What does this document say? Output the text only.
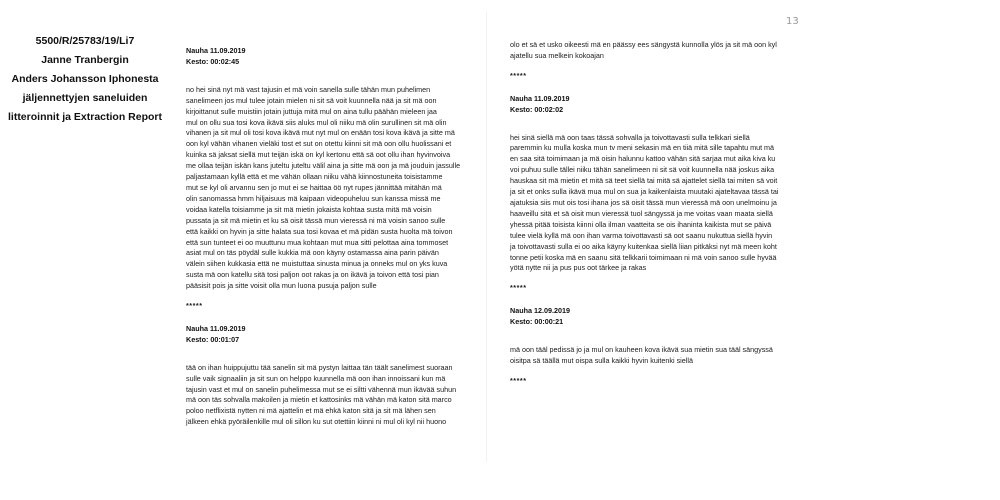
5500/R/25783/19/Li7
Janne Tranbergin
Anders Johansson Iphonesta
jäljennettyjen saneluiden
litteroinnit ja Extraction Report
13
Nauha 11.09.2019
Kesto: 00:02:45
no hei sinä nyt mä vast tajusin et mä voin sanella sulle tähän mun puhelimen
sanelimeen jos mul tulee jotain mielen ni sit sä voit kuunnella nää ja sit mä oon
kirjoittanut sulle muistiin jotain juttuja mitä mul on aina tullu päähän mieleen jaa
mul on ollu sua tosi kova ikävä siis aluks mul oli niiku mä olin surullinen sit mä olin
vihanen ja sit mul oli tosi kova ikävä mut nyt mul on enään tosi kova ikävä ja sitte mä
oon kyl vähän vihanen vieläki tost et sut on otettu kiinni sit mä oon ollu huolissani et
kuinka sä jaksat siellä mut teijän iskä on kyl kertonu että sä oot ollu ihan hyvinvoiva
me ollaa teijän iskän kans juteltu juteltu välil aina ja sitte mä oon ja mä jouduin jassulle
paljastamaan kyllä että et me vähän ollaan niiku vähä kiinnostuneita toisistamme
mut se kyl oli arvannu sen jo mut ei se haittaa öö nyt rupes jännittää mitähän mä
olin sanomassa hmm hiljaisuus mä kaipaan videopuheluu sun kanssa missä me
voidaa katella toisiamme ja sit mä mietin jokaista kohtaa susta mitä mä voisin
pussata ja sit mä mietin et ku sä oisit tässä mun vieressä ni mä voisin sanoo sulle
että kaikki on hyvin ja sitte halata sua tosi kovaa et mä pidän susta huolta mä toivon
että sun tunteet ei oo muuttunu mua kohtaan mut mua sitti pelottaa aina tommoset
asiat mul on täs pöydäl sulle kukkia mä oon käyny ostamassa aina parin päivän
välein siihen kukkasia että ne muistuttaa sinusta minua ja onneks mul on yks kuva
susta mä oon katellu sitä tosi paljon oot rakas ja on ikävä ja toivon että tosi pian
pääsisit pois ja sitte voisit olla mun luona pusuja paljon sulle
*****
Nauha 11.09.2019
Kesto: 00:01:07
tää on ihan huippujuttu tää sanelin sit mä pystyn laittaa tän täält sanelimest suoraan
sulle vaik signaaliin ja sit sun on helppo kuunnella mä oon ihan innoissani kun mä
tajusin vast et mul on sanelin puhelimessa mut se ei siltti vähennä mun ikävää suhun
mä oon täs sohvalla makoilen ja mietin et kattosinks mä vähän mä katon sitä marco
poloo netflixistä nytten ni mä ajattelin et mä ehkä katon sitä ja sit mä lähen sen
jälkeen ehkä pyöräilenkille mul oli sillon ku sut otettiin kiinni ni mul oli kyl nii huono
olo et sä et usko oikeesti mä en päässy ees sängystä kunnolla ylös ja sit mä oon kyl
ajatellu sua melkein kokoajan
*****
Nauha 11.09.2019
Kesto: 00:02:02
hei sinä siellä mä oon taas tässä sohvalla ja toivottavasti sulla telkkari siellä
paremmin ku mulla koska mun tv meni sekasin mä en tiiä mitä sille tapahtu mut mä
en saa sitä toimimaan ja mä oisin halunnu kattoo vähän sitä sarjaa mut aika kiva ku
voi puhuu sulle tällei niiku tähän sanelimeen ni sit sä voit kuunnella nää joskus aika
hauskaa sit mä mietin et mitä sä teet siellä tai mitä sä ajattelet siellä tai miten sä voit
ja sit et onks sulla ikävä mua mul on sua ja kaikenlaista muutaki ajateltavaa tässä tai
ajatuksia siis mut ois tosi ihana jos sä oisit tässä mun vieressä mä oon unelmoinu ja
haaveillu sitä et sä oisit mun vieressä tuol sängyssä ja me voitas vaan maata siellä
yhessä pitää toisista kiinni olla ilman vaatteita se ois ihaninta kaikista mut se päivä
tulee vielä kyllä mä oon ihan varma toivottavasti sä oot saanu nukuttua siellä hyvin
ja toivottavasti sulla ei oo aika käyny kuitenkaa siellä liian pitkäksi nyt mä meen koht
tonne petii koska mä en saanu sitä telkkarii toimimaan ni mä voin sanoo sulle hyvää
yötä nytte nii ja pus pus oot tärkee ja rakas
*****
Nauha 12.09.2019
Kesto: 00:00:21
mä oon tääl pedissä jo ja mul on kauheen kova ikävä sua mietin sua tääl sängyssä
oisitpa sä täällä mut oispa sulla kaikki hyvin kuitenki siellä
*****
